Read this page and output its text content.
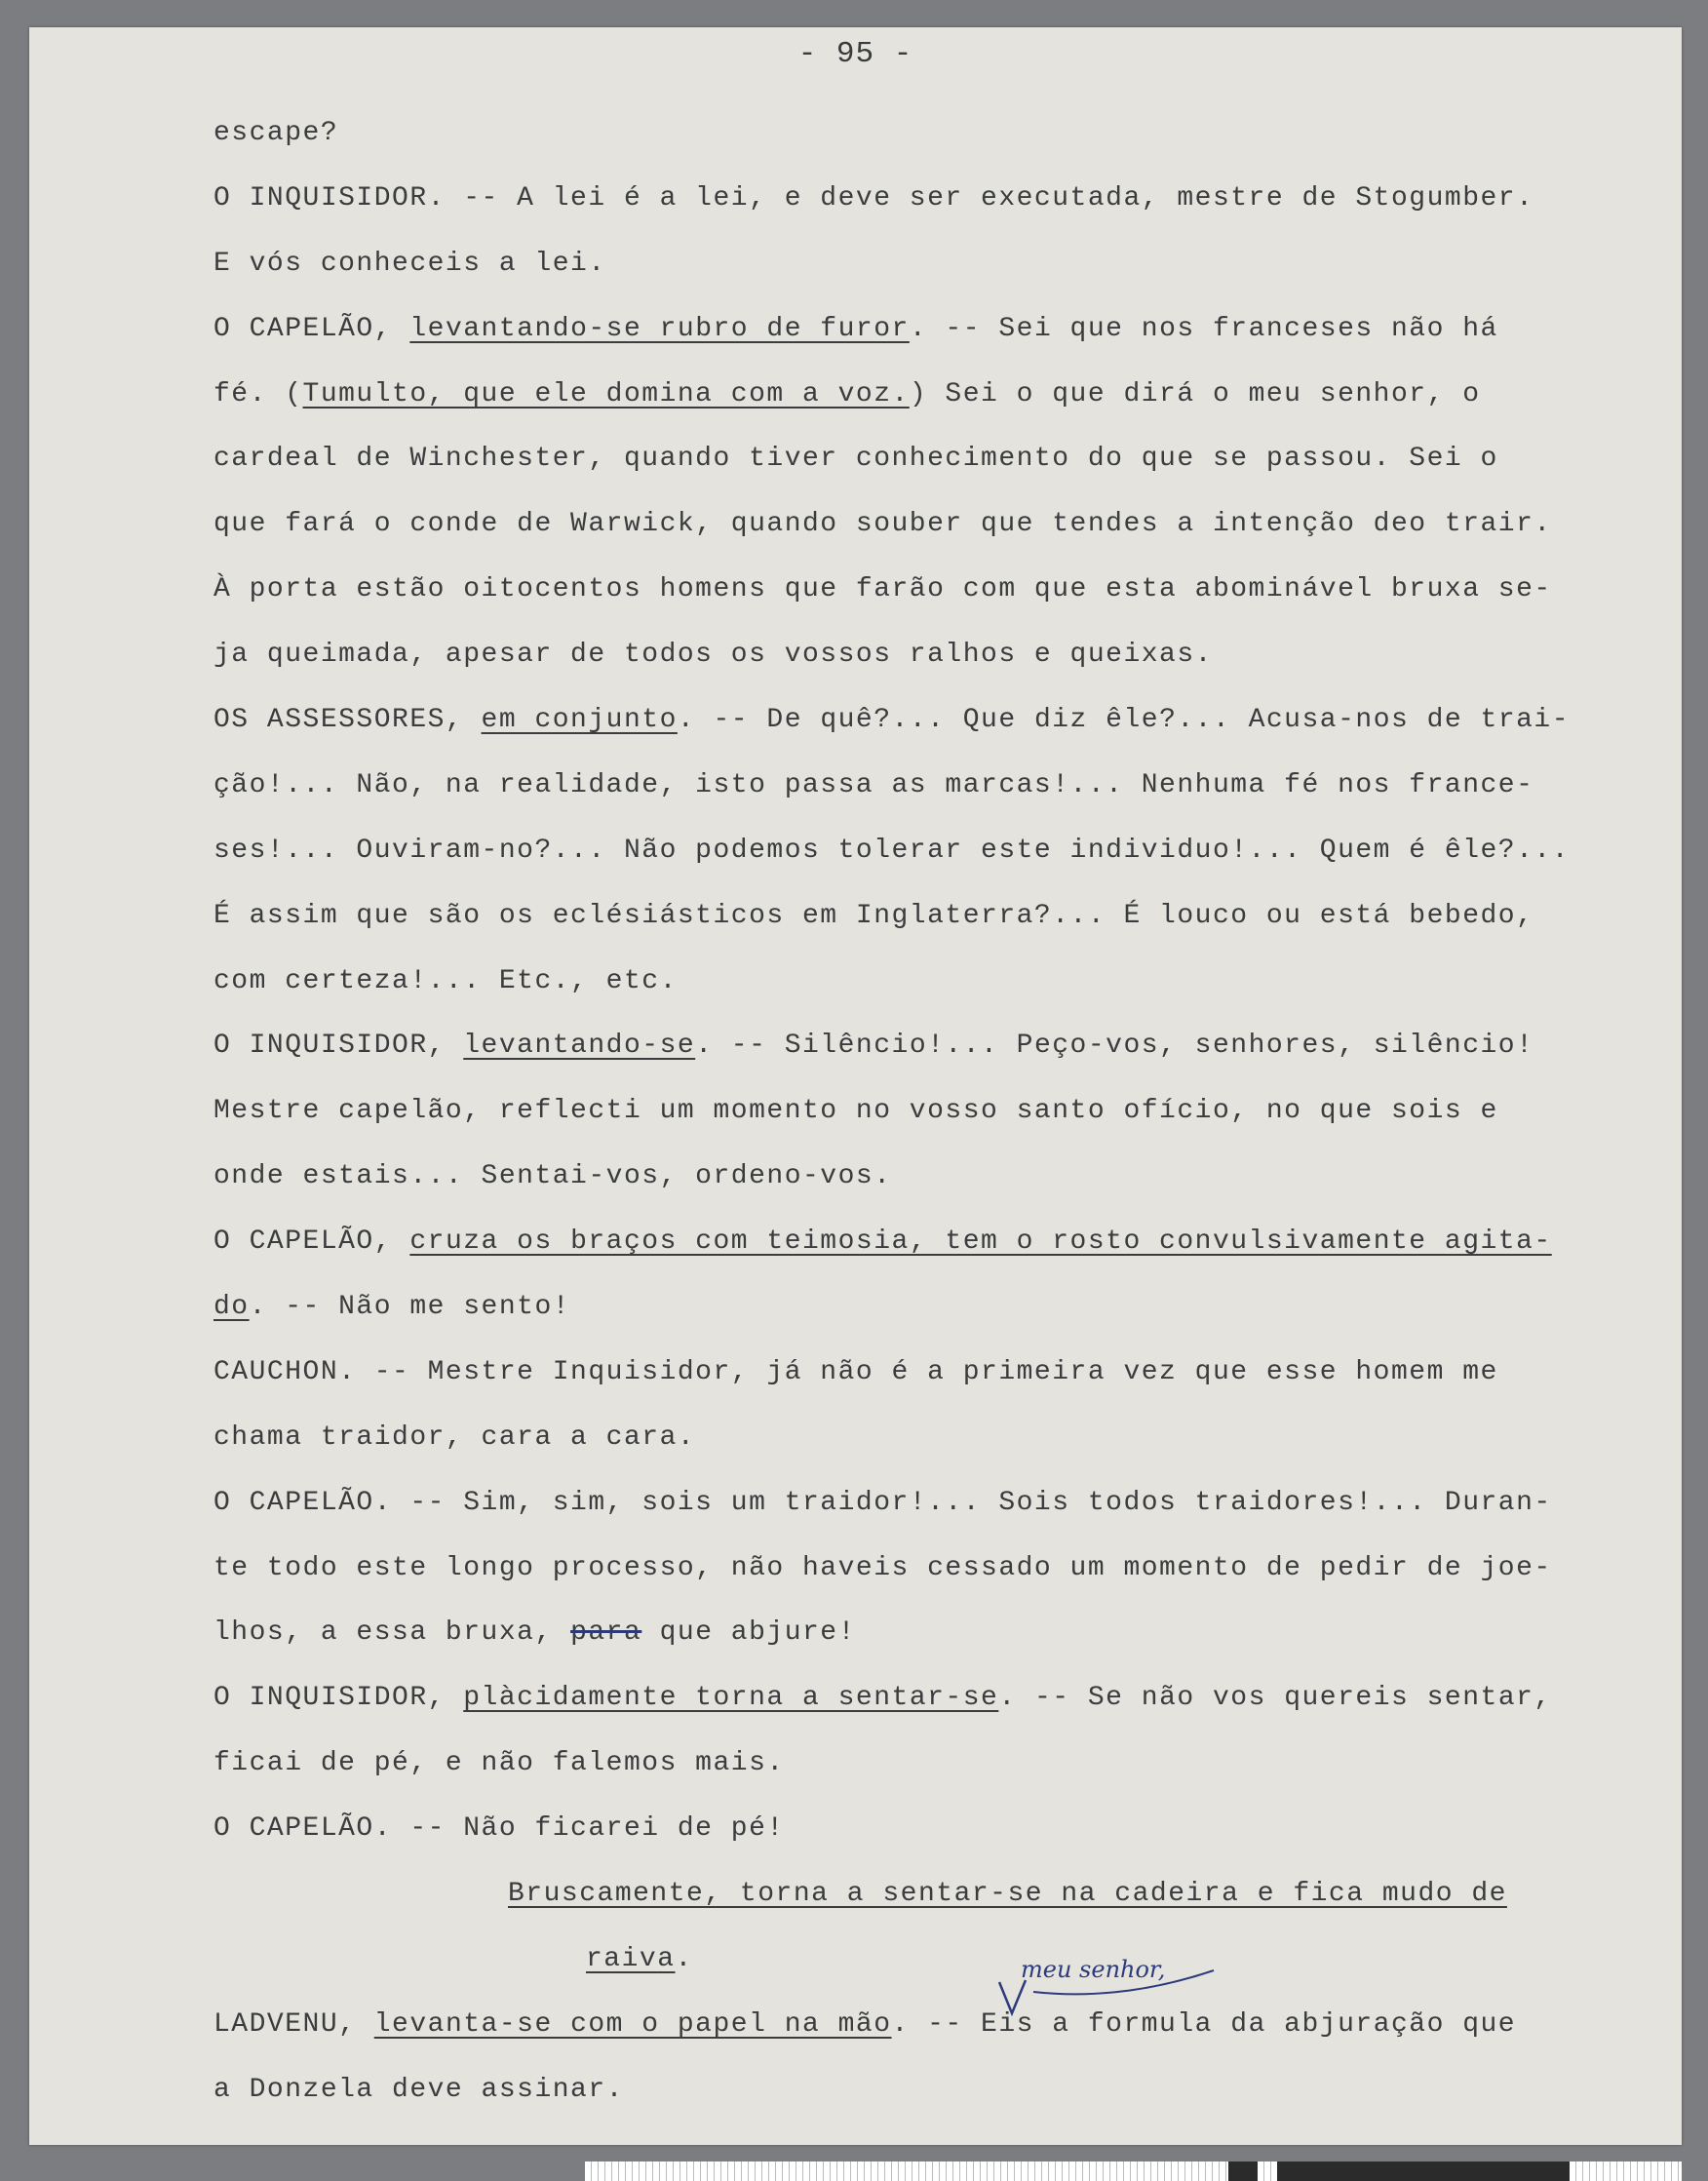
- 95 -
escape?
O INQUISIDOR. -- A lei é a lei, e deve ser executada, mestre de Stogumber.
E vós conheceis a lei.
O CAPELÃO, levantando-se rubro de furor. -- Sei que nos franceses não há
fé. (Tumulto, que ele domina com a voz.) Sei o que dirá o meu senhor, o
cardeal de Winchester, quando tiver conhecimento do que se passou. Sei o
que fará o conde de Warwick, quando souber que tendes a intenção deo trair.
À porta estão oitocentos homens que farão com que esta abominável bruxa se-
ja queimada, apesar de todos os vossos ralhos e queixas.
OS ASSESSORES, em conjunto. -- De quê?... Que diz êle?... Acusa-nos de trai-
ção!... Não, na realidade, isto passa as marcas!... Nenhuma fé nos france-
ses!... Ouviram-no?... Não podemos tolerar este individuo!... Quem é êle?...
É assim que são os eclésiásticos em Inglaterra?... É louco ou está bebedo,
com certeza!... Etc., etc.
O INQUISIDOR, levantando-se. -- Silêncio!... Peço-vos, senhores, silêncio!
Mestre capelão, reflecti um momento no vosso santo ofício, no que sois e
onde estais... Sentai-vos, ordeno-vos.
O CAPELÃO, cruza os braços com teimosia, tem o rosto convulsivamente agita-
do. -- Não me sento!
CAUCHON. -- Mestre Inquisidor, já não é a primeira vez que esse homem me
chama traidor, cara a cara.
O CAPELÃO. -- Sim, sim, sois um traidor!... Sois todos traidores!... Duran-
te todo este longo processo, não haveis cessado um momento de pedir de joe-
lhos, a essa bruxa, para que abjure!
O INQUISIDOR, plàcidamente torna a sentar-se. -- Se não vos quereis sentar,
ficai de pé, e não falemos mais.
O CAPELÃO. -- Não ficarei de pé!
Bruscamente, torna a sentar-se na cadeira e fica mudo de
raiva.
LADVENU, levanta-se com o papel na mão. -- Eis a formula da abjuração que
a Donzela deve assinar.
meu senhor,
